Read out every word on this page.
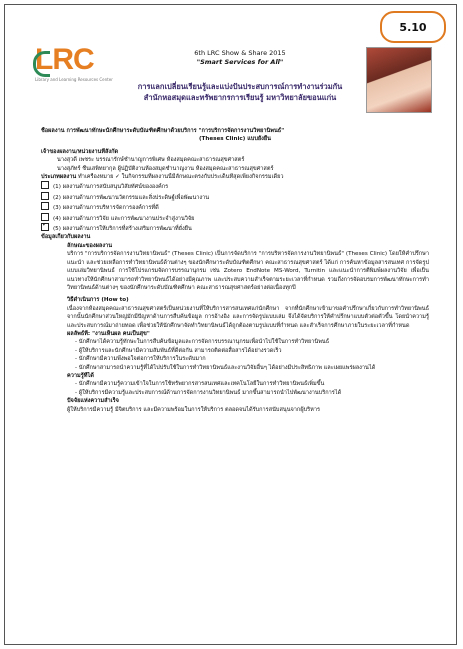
5.10
LRC
Library and Learning Resources Center
6th LRC Show & Share 2015
"Smart Services for All"
การแลกเปลี่ยนเรียนรู้และแบ่งปันประสบการณ์การทำงานร่วมกัน
สำนักหอสมุดและทรัพยากรการเรียนรู้ มหาวิทยาลัยขอนแก่น
ชื่อผลงาน การพัฒนาทักษะนักศึกษาระดับบัณฑิตศึกษาด้วยบริการ "การบริการจัดการงานวิทยานิพนธ์"
(Theses Clinic) แบบยั่งยืน
เจ้าของผลงาน/หน่วยงานที่สังกัด
นางสุวดี เพชระ บรรณารักษ์ชำนาญการพิเศษ ห้องสมุดคณะสาธารณสุขศาสตร์
นางสุภัทร์ ชื่นเสพิทยากุล ผู้ปฏิบัติงานห้องสมุดชำนาญงาน ห้องสมุดคณะสาธารณสุขศาสตร์
ประเภทผลงาน ทำเครื่องหมาย ✓ ในกิจกรรมที่ผลงานนี้มีลักษณะตรงกับประเด็นที่สุดเพียงกิจกรรมเดียว
(1) ผลงานด้านการสนับสนุนวิสัยทัศน์ขององค์กร
(2) ผลงานด้านการพัฒนานวัตกรรมและสิ่งประดิษฐ์เพื่อพัฒนางาน
(3) ผลงานด้านการบริหารจัดการองค์การที่ดี
(4) ผลงานด้านการวิจัย และการพัฒนางานประจำสู่งานวิจัย
✓(5) ผลงานด้านการให้บริการที่สร้างเสริมการพัฒนาที่ยั่งยืน
ข้อมูลเกี่ยวกับผลงาน
ลักษณะของผลงาน
บริการ "การบริการจัดการงานวิทยานิพนธ์" (Theses Clinic) เป็นการจัดบริการ "การบริหารจัดการงานวิทยานิพนธ์" (Theses Clinic) โดยให้คำปรึกษา แนะนำ และช่วยเหลือการทำวิทยานิพนธ์ด้านต่างๆ ของนักศึกษาระดับบัณฑิตศึกษา คณะสาธารณสุขศาสตร์ ได้แก่ การค้นหาข้อมูลสารสนเทศ การจัดรูปแบบเล่มวิทยานิพนธ์ การใช้โปรแกรมจัดการบรรณานุกรม เช่น Zotero EndNote MS-Word, Turnitin และแนะนำการตีพิมพ์ผลงานวิจัย เพื่อเป็นแนวทางให้นักศึกษาสามารถทำวิทยานิพนธ์ได้อย่างมีคุณภาพ และประสบความสำเร็จตามระยะเวลาที่กำหนด รวมถึงการจัดอบรมการพัฒนาทักษะการทำวิทยานิพนธ์ด้านต่างๆ ของนักศึกษาระดับบัณฑิตศึกษา คณะสาธารณสุขศาสตร์อย่างต่อเนื่องทุกปี
วิธีดำเนินการ (How to)
เนื่องจากห้องสมุดคณะสาธารณสุขศาสตร์เป็นหน่วยงานที่ให้บริการสารสนเทศแก่นักศึกษา จากที่นักศึกษาเข้ามาขอคำปรึกษาเกี่ยวกับการทำวิทยานิพนธ์ จากนั้นนักศึกษาส่วนใหญ่มักมีปัญหาด้านการสืบค้นข้อมูล การอ้างอิง และการจัดรูปแบบเล่ม จึงได้จัดบริการให้คำปรึกษาแบบตัวต่อตัวขึ้น โดยนำความรู้และประสบการณ์มาถ่ายทอด เพื่อช่วยให้นักศึกษาจัดทำวิทยานิพนธ์ได้ถูกต้องตามรูปแบบที่กำหนด และสำเร็จการศึกษาภายในระยะเวลาที่กำหนด
ผลลัพธ์ที่: "งานเห็นผล คนเป็นสุข"
- นักศึกษาได้ความรู้ทักษะในการสืบค้นข้อมูลและการจัดการบรรณานุกรมเพื่อนำไปใช้ในการทำวิทยานิพนธ์
- ผู้ให้บริการและนักศึกษามีความสัมพันธ์ที่ดีต่อกัน สามารถติดต่อสื่อสารได้อย่างรวดเร็ว
- นักศึกษามีความพึงพอใจต่อการให้บริการในระดับมาก
- นักศึกษาสามารถนำความรู้ที่ได้ไปปรับใช้ในการทำวิทยานิพนธ์และงานวิจัยอื่นๆ ได้อย่างมีประสิทธิภาพ และเผยแพร่ผลงานได้
ความรู้ที่ได้
- นักศึกษามีความรู้ความเข้าใจในการใช้ทรัพยากรสารสนเทศและเทคโนโลยีในการทำวิทยานิพนธ์เพิ่มขึ้น
- ผู้ให้บริการมีความรู้และประสบการณ์ด้านการจัดการงานวิทยานิพนธ์ มากขึ้นสามารถนำไปพัฒนางานบริการได้
ปัจจัยแห่งความสำเร็จ
ผู้ให้บริการมีความรู้ มีจิตบริการ และมีความพร้อมในการให้บริการ ตลอดจนได้รับการสนับสนุนจากผู้บริหาร
